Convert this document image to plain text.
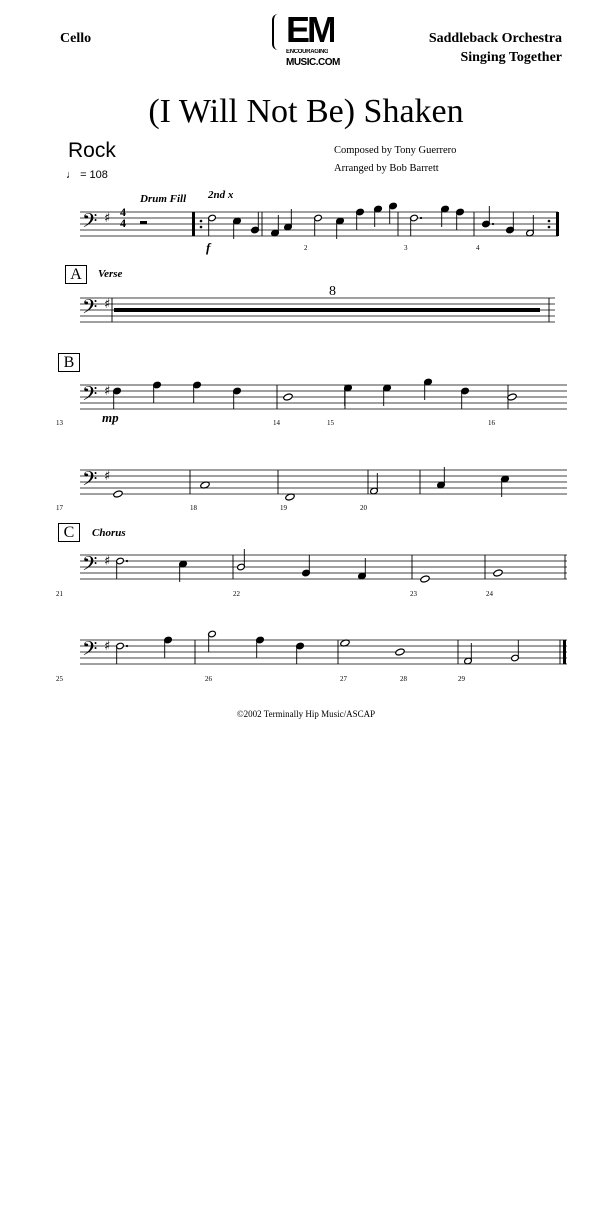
Cello	Saddleback Orchestra
Singing Together
EM
ENCOURAGING
MUSIC.COM
(I Will Not Be) Shaken
Rock
♩ = 108
Composed by Tony Guerrero
Arranged by Bob Barrett
Drum Fill 2nd x
𝄢 ♯ 4
4
f	2	3	4
A	Verse
8
𝄢 ♯
B
𝄢 ♯
mp
13	14	15	16
𝄢 ♯
17	18	19	20
C	Chorus
𝄢 ♯
21	22	23	24
𝄢 ♯
25	26	27	28	29
©2002 Terminally Hip Music/ASCAP
